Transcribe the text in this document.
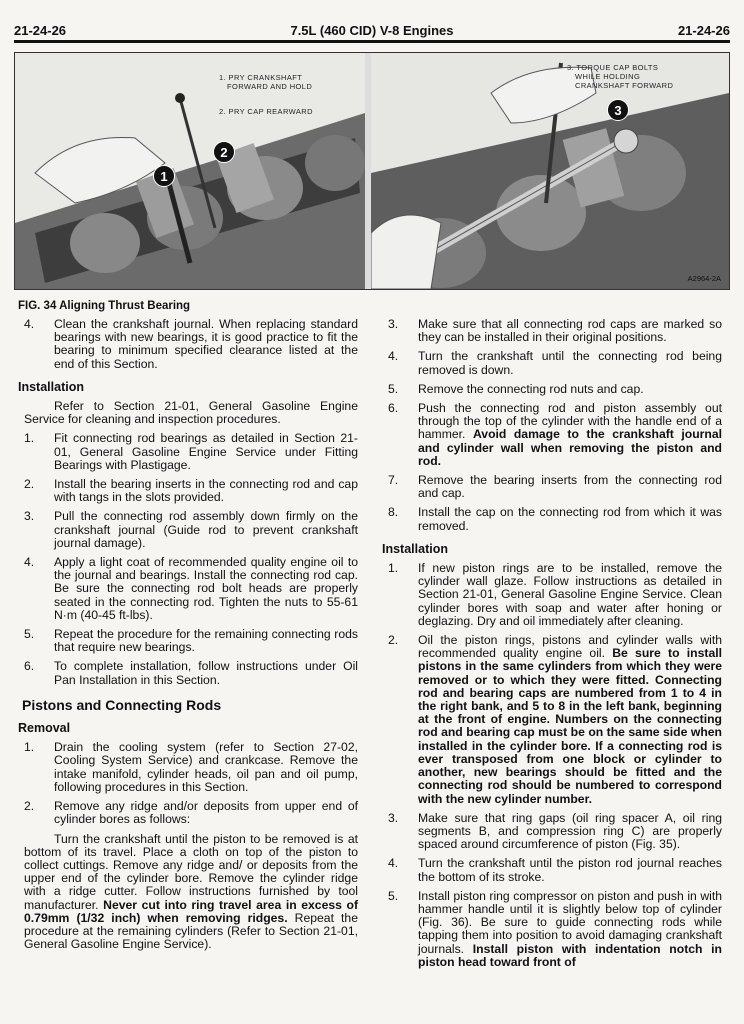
21-24-26	7.5L (460 CID) V-8 Engines	21-24-26
1. PRY CRANKSHAFT
FORWARD AND HOLD
2. PRY CAP REARWARD
3. TORQUE CAP BOLTS
WHILE HOLDING
CRANKSHAFT FORWARD
1
2
3
A2964-2A
FIG. 34 Aligning Thrust Bearing
4.	Clean the crankshaft journal. When replacing standard bearings with new bearings, it is good practice to fit the bearing to minimum specified clearance listed at the end of this Section.
Installation
Refer to Section 21-01, General Gasoline Engine Service for cleaning and inspection procedures.
1.	Fit connecting rod bearings as detailed in Section 21-01, General Gasoline Engine Service under Fitting Bearings with Plastigage.
2.	Install the bearing inserts in the connecting rod and cap with tangs in the slots provided.
3.	Pull the connecting rod assembly down firmly on the crankshaft journal (Guide rod to prevent crankshaft journal damage).
4.	Apply a light coat of recommended quality engine oil to the journal and bearings. Install the connecting rod cap. Be sure the connecting rod bolt heads are properly seated in the connecting rod. Tighten the nuts to 55-61 N·m (40-45 ft-lbs).
5.	Repeat the procedure for the remaining connecting rods that require new bearings.
6.	To complete installation, follow instructions under Oil Pan Installation in this Section.
Pistons and Connecting Rods
Removal
1.	Drain the cooling system (refer to Section 27-02, Cooling System Service) and crankcase. Remove the intake manifold, cylinder heads, oil pan and oil pump, following procedures in this Section.
2.	Remove any ridge and/or deposits from upper end of cylinder bores as follows:
Turn the crankshaft until the piston to be removed is at bottom of its travel. Place a cloth on top of the piston to collect cuttings. Remove any ridge and/ or deposits from the upper end of the cylinder bore. Remove the cylinder ridge with a ridge cutter. Follow instructions furnished by tool manufacturer. Never cut into ring travel area in excess of 0.79mm (1/32 inch) when removing ridges. Repeat the procedure at the remaining cylinders (Refer to Section 21-01, General Gasoline Engine Service).
3.	Make sure that all connecting rod caps are marked so they can be installed in their original positions.
4.	Turn the crankshaft until the connecting rod being removed is down.
5.	Remove the connecting rod nuts and cap.
6.	Push the connecting rod and piston assembly out through the top of the cylinder with the handle end of a hammer. Avoid damage to the crankshaft journal and cylinder wall when removing the piston and rod.
7.	Remove the bearing inserts from the connecting rod and cap.
8.	Install the cap on the connecting rod from which it was removed.
Installation
1.	If new piston rings are to be installed, remove the cylinder wall glaze. Follow instructions as detailed in Section 21-01, General Gasoline Engine Service. Clean cylinder bores with soap and water after honing or deglazing. Dry and oil immediately after cleaning.
2.	Oil the piston rings, pistons and cylinder walls with recommended quality engine oil. Be sure to install pistons in the same cylinders from which they were removed or to which they were fitted. Connecting rod and bearing caps are numbered from 1 to 4 in the right bank, and 5 to 8 in the left bank, beginning at the front of engine. Numbers on the connecting rod and bearing cap must be on the same side when installed in the cylinder bore. If a connecting rod is ever transposed from one block or cylinder to another, new bearings should be fitted and the connecting rod should be numbered to correspond with the new cylinder number.
3.	Make sure that ring gaps (oil ring spacer A, oil ring segments B, and compression ring C) are properly spaced around circumference of piston (Fig. 35).
4.	Turn the crankshaft until the piston rod journal reaches the bottom of its stroke.
5.	Install piston ring compressor on piston and push in with hammer handle until it is slightly below top of cylinder (Fig. 36). Be sure to guide connecting rods while tapping them into position to avoid damaging crankshaft journals. Install piston with indentation notch in piston head toward front of
